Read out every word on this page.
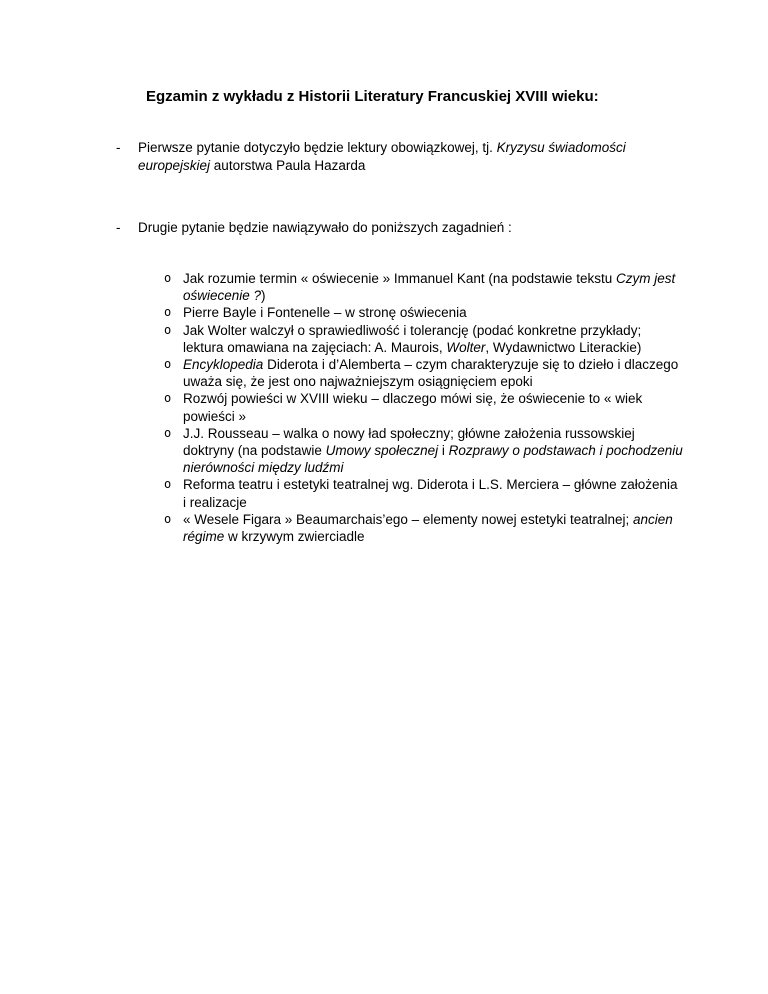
Egzamin z wykładu z Historii Literatury Francuskiej XVIII wieku:
- Pierwsze pytanie dotyczyło będzie lektury obowiązkowej, tj. Kryzysu świadomości europejskiej autorstwa Paula Hazarda
- Drugie pytanie będzie nawiązywało do poniższych zagadnień :
o Jak rozumie termin « oświecenie » Immanuel Kant (na podstawie tekstu Czym jest oświecenie ?)
o Pierre Bayle i Fontenelle – w stronę oświecenia
o Jak Wolter walczył o sprawiedliwość i tolerancję (podać konkretne przykłady; lektura omawiana na zajęciach: A. Maurois, Wolter, Wydawnictwo Literackie)
o Encyklopedia Diderota i d’Alemberta – czym charakteryzuje się to dzieło i dlaczego uważa się, że jest ono najważniejszym osiągnięciem epoki
o Rozwój powieści w XVIII wieku – dlaczego mówi się, że oświecenie to « wiek powieści »
o J.J. Rousseau – walka o nowy ład społeczny; główne założenia russowskiej doktryny (na podstawie Umowy społecznej i Rozprawy o podstawach i pochodzeniu nierówności między ludźmi
o Reforma teatru i estetyki teatralnej wg. Diderota i L.S. Merciera – główne założenia i realizacje
o « Wesele Figara » Beaumarchais’ego – elementy nowej estetyki teatralnej; ancien régime w krzywym zwierciadle
